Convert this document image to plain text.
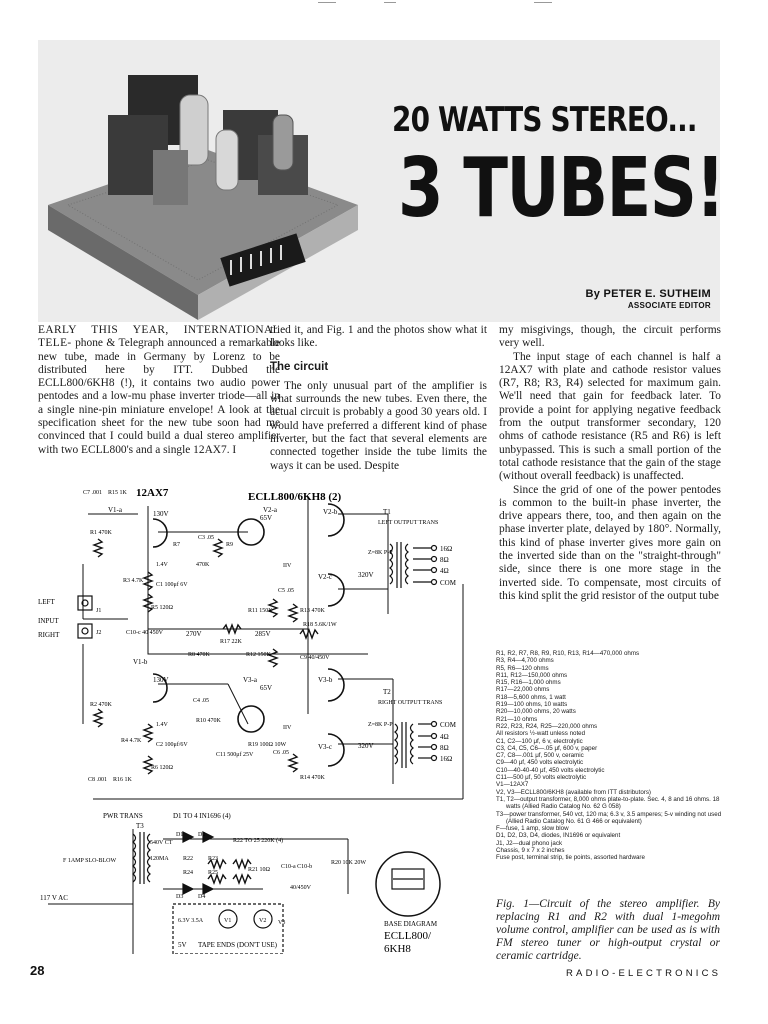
20 WATTS STEREO...
3 TUBES!
By PETER E. SUTHEIM
ASSOCIATE EDITOR

EARLY THIS YEAR, INTERNATIONAL TELE- phone & Telegraph announced a remarkable new tube, made in Germany by Lorenz to be distributed here by ITT. Dubbed the ECLL800/6KH8 (!), it contains two audio power pentodes and a low-mu phase inverter triode—all in a single nine-pin miniature envelope! A look at the specification sheet for the new tube soon had me convinced that I could build a dual stereo amplifier with two ECLL800's and a single 12AX7. I

tried it, and Fig. 1 and the photos show what it looks like.

The circuit

The only unusual part of the amplifier is what surrounds the new tubes. Even there, the actual circuit is probably a good 30 years old. I would have preferred a different kind of phase inverter, but the fact that several elements are connected together inside the tube limits the ways it can be used. Despite

my misgivings, though, the circuit performs very well.

The input stage of each channel is half a 12AX7 with plate and cathode resistor values (R7, R8; R3, R4) selected for maximum gain. We'll need that gain for feedback later. To provide a point for applying negative feedback from the output transformer secondary, 120 ohms of cathode resistance (R5 and R6) is left unbypassed. This is such a small portion of the total cathode resistance that the gain of the stage (without overall feedback) is unaffected.

Since the grid of one of the power pentodes is common to the built-in phase inverter, the drive appears there, too, and then again on the phase inverter plate, delayed by 180°. Normally, this kind of phase inverter gives more gain on the inverted side than on the "straight-through" side, since there is one more stage in the inverted side. To compensate, most circuits of this kind split the grid resistor of the output tube

12AX7	ECLL800/6KH8 (2)
V1-a	130V	V2-a
65V
V2-b	T1
LEFT OUTPUT TRANS
Z=8K P-P
320V
16Ω
8Ω
4Ω
COM
V2-c
R1 470K
R3 4.7K
1.4V
C1 100μf 6V
R5 120Ω
C7 .001 R15 1K
R7
C3 .05
R9
470K	IIV
C5 .05
R11 150K	R13 470K
LEFT
INPUT
RIGHT
J1
J2	C10-c 40 450V	270V
R17 22K
285V
R18 5.6K/1W
R8 470K	R12 150K	C9 40/450V
V1-b
130V	V3-a
65V
V3-b
T2
RIGHT OUTPUT TRANS
Z=8K P-P
320V
COM
4Ω
8Ω
16Ω
V3-c
R2 470K
R4 4.7K
1.4V
C2 100μf/6V
R6 120Ω
C8 .001 R16 1K
C4 .05
R10 470K
IIV
C11 500μf 25V
R19 100Ω 10W
C6 .05
R14 470K
PWR TRANS
T3
D1 TO 4 IN1696 (4)
D1 D2
D3 D4
540V CT
120MA R22 R23
R24 R25
R22 TO 25 220K (4)
R21 10Ω C10-a C10-b
40/450V
R20 10K 20W
F 1AMP SLO-BLOW
117 V AC
6.3V 3.5A	V1	V2 V3
5V TAPE ENDS (DON'T USE)
BASE DIAGRAM
ECLL800/
6KH8
R1, R2, R7, R8, R9, R10, R13, R14—470,000 ohms
R3, R4—4,700 ohms
R5, R6—120 ohms
R11, R12—150,000 ohms
R15, R16—1,000 ohms
R17—22,000 ohms
R18—5,600 ohms, 1 watt
R19—100 ohms, 10 watts
R20—10,000 ohms, 20 watts
R21—10 ohms
R22, R23, R24, R25—220,000 ohms
All resistors ½-watt unless noted
C1, C2—100 μf, 6 v, electrolytic
C3, C4, C5, C6—.05 μf, 600 v, paper
C7, C8—.001 μf, 500 v, ceramic
C9—40 μf, 450 volts electrolytic
C10—40-40-40 μf, 450 volts electrolytic
C11—500 μf, 50 volts electrolytic
V1—12AX7
V2, V3—ECLL800/6KH8 (available from ITT distributors)
T1, T2—output transformer, 8,000 ohms plate-to-plate. Sec. 4, 8 and 16 ohms. 18 watts (Allied Radio Catalog No. 62 G 058)
T3—power transformer, 540 vct, 120 ma; 6.3 v, 3.5 amperes; 5-v winding not used (Allied Radio Catalog No. 61 G 466 or equivalent)
F—fuse, 1 amp, slow blow
D1, D2, D3, D4, diodes, IN1696 or equivalent
J1, J2—dual phono jack
Chassis, 9 x 7 x 2 inches
Fuse post, terminal strip, tie points, assorted hardware
Fig. 1—Circuit of the stereo amplifier. By replacing R1 and R2 with dual 1-megohm volume control, amplifier can be used as is with FM stereo tuner or high-output crystal or ceramic cartridge.
28	RADIO-ELECTRONICS
